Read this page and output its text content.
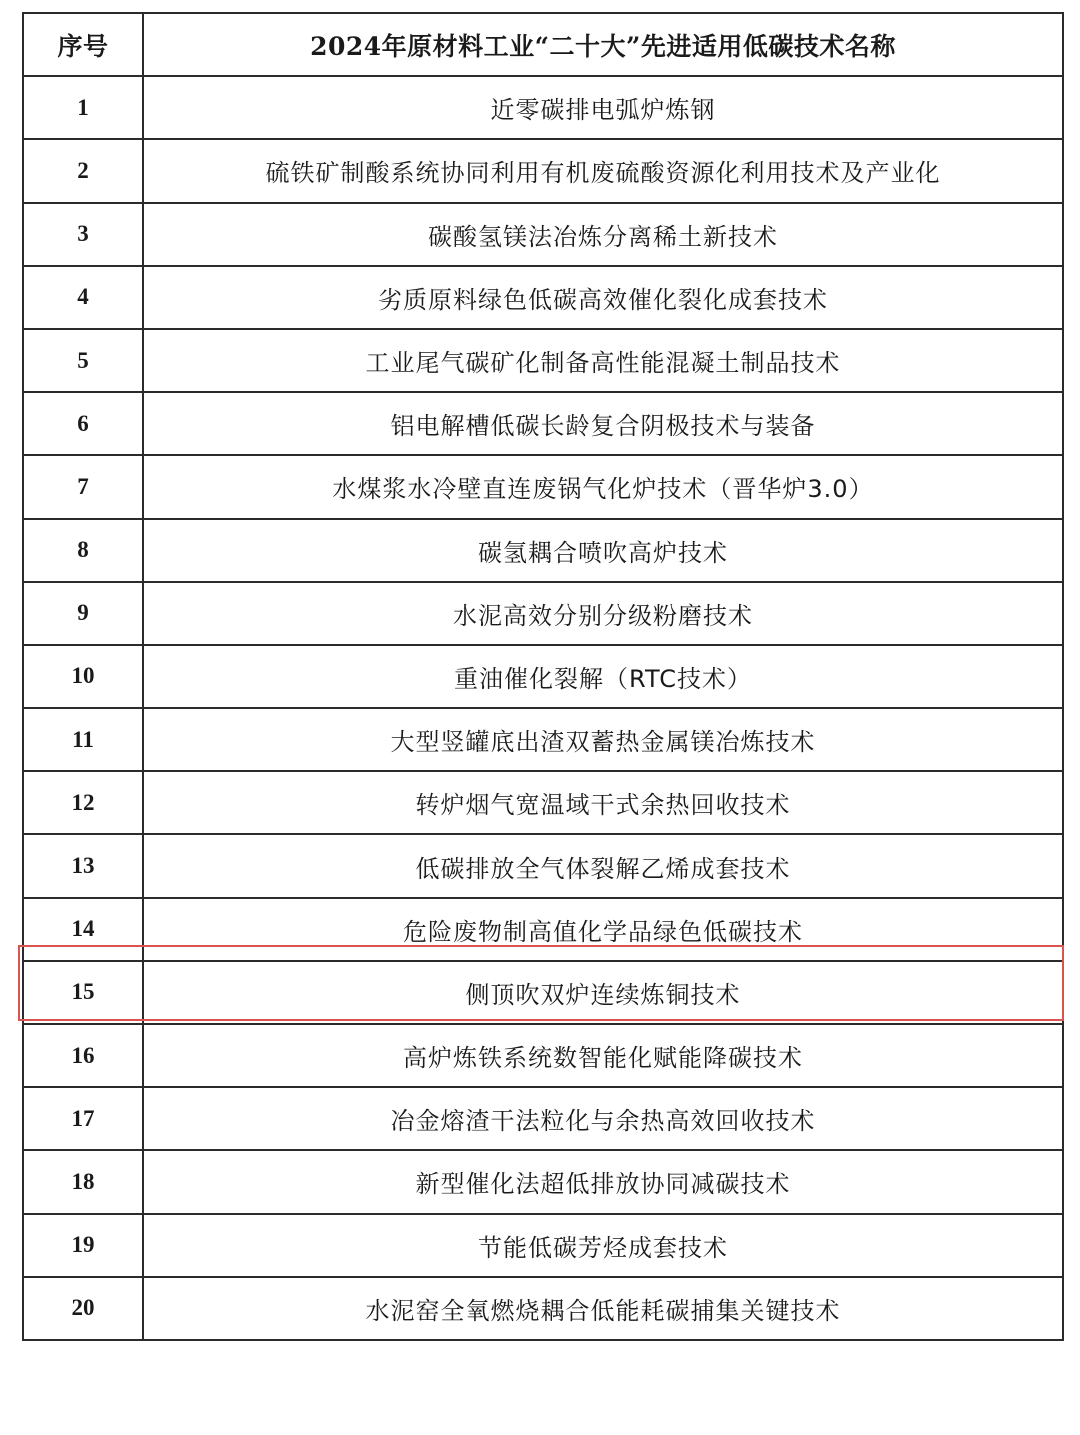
序号	2024年原材料工业“二十大”先进适用低碳技术名称
1	近零碳排电弧炉炼钢
2	硫铁矿制酸系统协同利用有机废硫酸资源化利用技术及产业化
3	碳酸氢镁法冶炼分离稀土新技术
4	劣质原料绿色低碳高效催化裂化成套技术
5	工业尾气碳矿化制备高性能混凝土制品技术
6	铝电解槽低碳长龄复合阴极技术与装备
7	水煤浆水冷壁直连废锅气化炉技术（晋华炉3.0）
8	碳氢耦合喷吹高炉技术
9	水泥高效分别分级粉磨技术
10	重油催化裂解（RTC技术）
11	大型竖罐底出渣双蓄热金属镁冶炼技术
12	转炉烟气宽温域干式余热回收技术
13	低碳排放全气体裂解乙烯成套技术
14	危险废物制高值化学品绿色低碳技术
15	侧顶吹双炉连续炼铜技术
16	高炉炼铁系统数智能化赋能降碳技术
17	冶金熔渣干法粒化与余热高效回收技术
18	新型催化法超低排放协同减碳技术
19	节能低碳芳烃成套技术
20	水泥窑全氧燃烧耦合低能耗碳捕集关键技术
